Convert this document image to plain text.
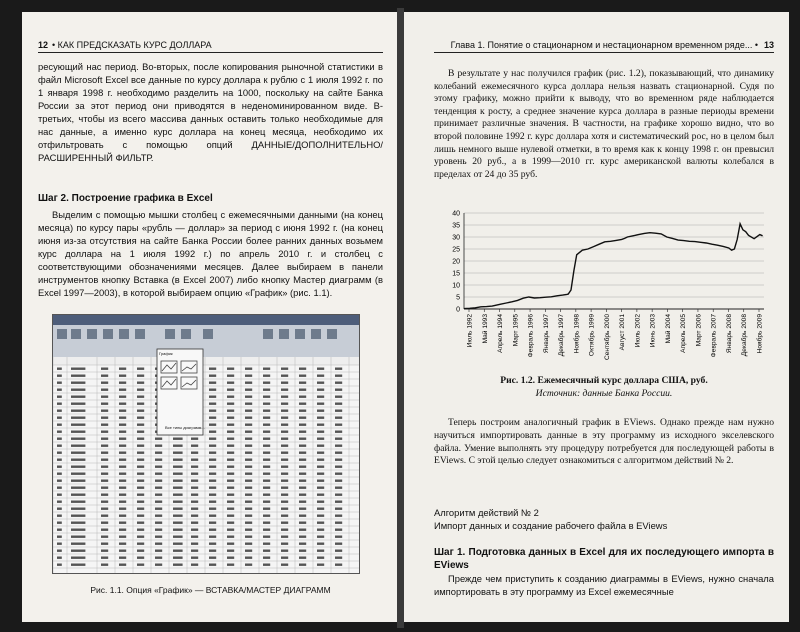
12 • КАК ПРЕДСКАЗАТЬ КУРС ДОЛЛАРА
ресующий нас период. Во-вторых, после копирования рыночной статистики в файл Microsoft Excel все данные по курсу доллара к рублю с 1 июля 1992 г. по 1 января 1998 г. необходимо разделить на 1000, поскольку на сайте Банка России за этот период они приводятся в неденоминированном виде. В-третьих, чтобы из всего массива данных оставить только необходимые для нас данные, а именно курс доллара на конец месяца, необходимо их отфильтровать с помощью опций ДАННЫЕ/ДОПОЛНИТЕЛЬНО/РАСШИРЕННЫЙ ФИЛЬТР.
Шаг 2. Построение графика в Excel
Выделим с помощью мышки столбец с ежемесячными данными (на конец месяца) по курсу пары «рубль — доллар» за период с июня 1992 г. (на конец июня из-за отсутствия на сайте Банка России более ранних данных возьмем курс доллара на 1 июля 1992 г.) по апрель 2010 г. и столбец с соответствующими обозначениями месяцев. Далее выбираем в панели инструментов кнопку Вставка (в Excel 2007) либо кнопку Мастер диаграмм (в Excel 1997—2003), в которой выбираем опцию «График» (рис. 1.1).
График
Все типы диаграмм...
Рис. 1.1. Опция «График» — ВСТАВКА/МАСТЕР ДИАГРАММ
Глава 1. Понятие о стационарном и нестационарном временном ряде... • 13
В результате у нас получился график (рис. 1.2), показывающий, что динамику колебаний ежемесячного курса доллара нельзя назвать стационарной. Судя по этому графику, можно прийти к выводу, что во временном ряде наблюдается тенденция к росту, а среднее значение курса доллара в разные периоды времени принимает различные значения. В частности, на графике хорошо видно, что во второй половине 1992 г. курс доллара хотя и систематический рос, но в целом был лишь немного выше нулевой отметки, в то время как к концу 1998 г. он превысил уровень 20 руб., а в 1999—2010 гг. курс американской валюты колебался в пределах от 24 до 35 руб.
0
5
10
15
20
25
30
35
40
Июль 1992 Май 1993 Апрель 1994 Март 1995 Февраль 1996 Январь 1997 Декабрь 1997 Ноябрь 1998 Октябрь 1999 Сентябрь 2000 Август 2001 Июль 2002 Июнь 2003 Май 2004 Апрель 2005 Март 2006 Февраль 2007 Январь 2008 Декабрь 2008 Ноябрь 2009
Рис. 1.2. Ежемесячный курс доллара США, руб.
Источник: данные Банка России.
Теперь построим аналогичный график в EViews. Однако прежде нам нужно научиться импортировать данные в эту программу из исходного экселевского файла. Умение выполнять эту процедуру потребуется для последующей работы в EViews. С этой целью следует ознакомиться с алгоритмом действий № 2.
Алгоритм действий № 2
Импорт данных и создание рабочего файла в EViews
Шаг 1. Подготовка данных в Excel для их последующего импорта в EViews
Прежде чем приступить к созданию диаграммы в EViews, нужно сначала импортировать в эту программу из Excel ежемесячные
